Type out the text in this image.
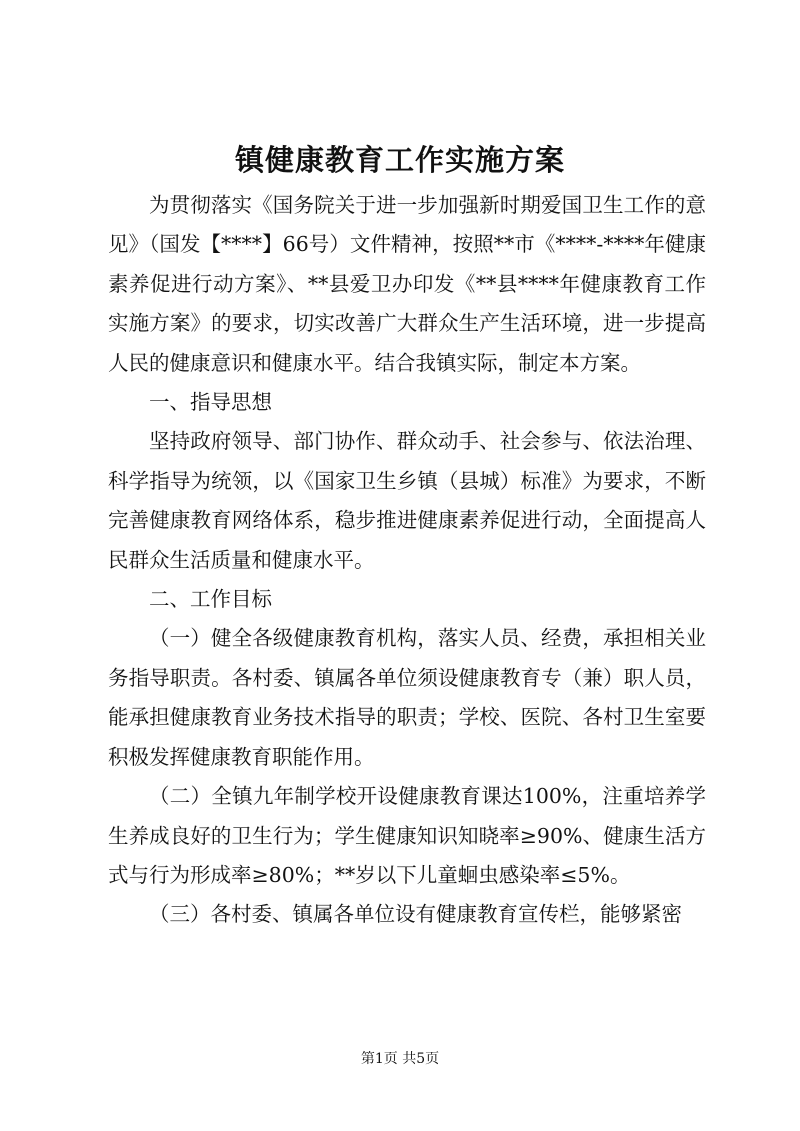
镇健康教育工作实施方案

为贯彻落实《国务院关于进一步加强新时期爱国卫生工作的意见》（国发【****】66号）文件精神，按照**市《****-****年健康素养促进行动方案》、**县爱卫办印发《**县****年健康教育工作实施方案》的要求，切实改善广大群众生产生活环境，进一步提高人民的健康意识和健康水平。结合我镇实际，制定本方案。

一、指导思想

坚持政府领导、部门协作、群众动手、社会参与、依法治理、科学指导为统领，以《国家卫生乡镇（县城）标准》为要求，不断完善健康教育网络体系，稳步推进健康素养促进行动，全面提高人民群众生活质量和健康水平。

二、工作目标

（一）健全各级健康教育机构，落实人员、经费，承担相关业务指导职责。各村委、镇属各单位须设健康教育专（兼）职人员，能承担健康教育业务技术指导的职责；学校、医院、各村卫生室要积极发挥健康教育职能作用。

（二）全镇九年制学校开设健康教育课达100%，注重培养学生养成良好的卫生行为；学生健康知识知晓率≥90%、健康生活方式与行为形成率≥80%；**岁以下儿童蛔虫感染率≤5%。

（三）各村委、镇属各单位设有健康教育宣传栏，能够紧密

第1页 共5页
